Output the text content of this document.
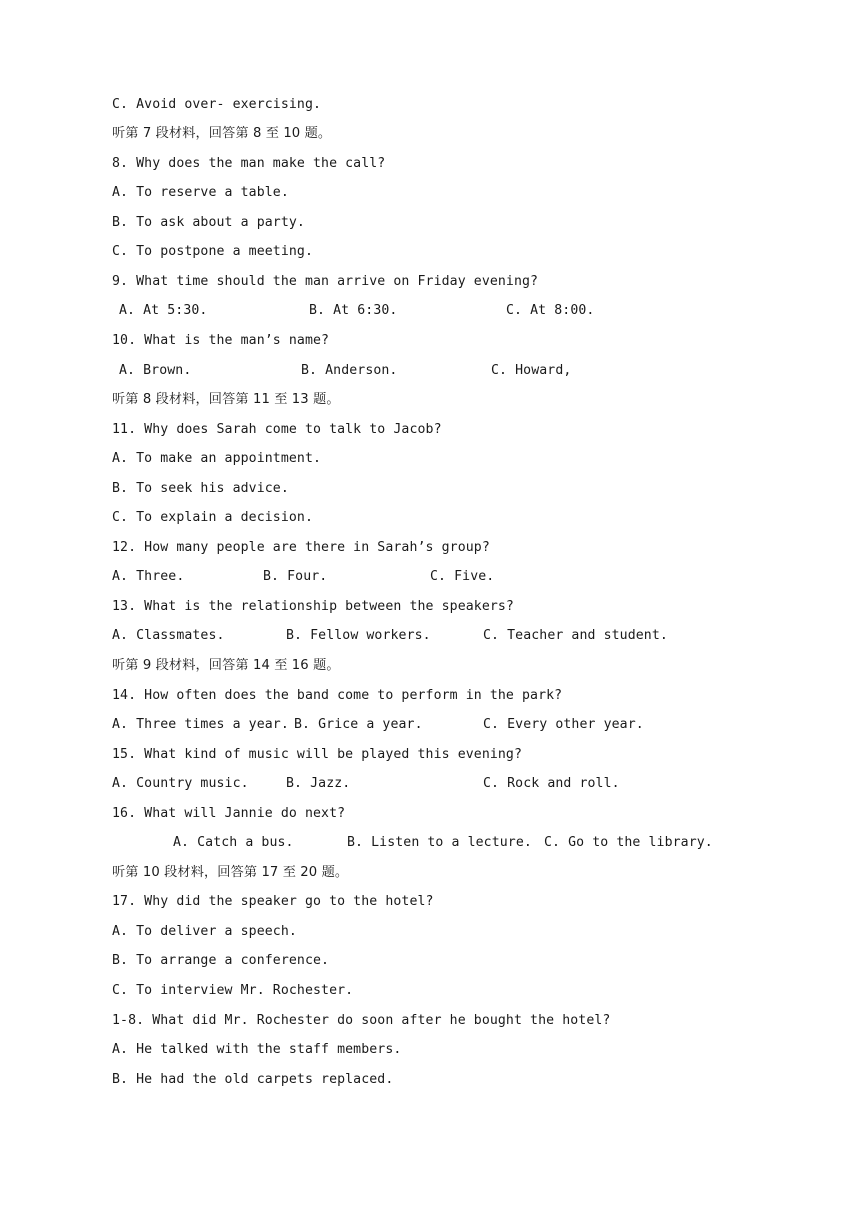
C. Avoid over- exercising.
听第 7 段材料，回答第 8 至 10 题。
8. Why does the man make the call?
A. To reserve a table.
B. To ask about a party.
C. To postpone a meeting.
9. What time should the man arrive on Friday evening?
A. At 5:30.	B. At 6:30.	C. At 8:00.
10. What is the man’s name?
A. Brown.	B. Anderson.	C. Howard,
听第 8 段材料，回答第 11 至 13 题。
11. Why does Sarah come to talk to Jacob?
A. To make an appointment.
B. To seek his advice.
C. To explain a decision.
12. How many people are there in Sarah’s group?
A. Three.	B. Four.	C. Five.
13. What is the relationship between the speakers?
A. Classmates.	B. Fellow workers.	C. Teacher and student.
听第 9 段材料，回答第 14 至 16 题。
14. How often does the band come to perform in the park?
A. Three times a year. B. Grice a year.	C. Every other year.
15. What kind of music will be played this evening?
A. Country music.	B. Jazz.	C. Rock and roll.
16. What will Jannie do next?
A. Catch a bus.	B. Listen to a lecture. C. Go to the library.
听第 10 段材料，回答第 17 至 20 题。
17. Why did the speaker go to the hotel?
A. To deliver a speech.
B. To arrange a conference.
C. To interview Mr. Rochester.
1-8. What did Mr. Rochester do soon after he bought the hotel?
A. He talked with the staff members.
B. He had the old carpets replaced.
